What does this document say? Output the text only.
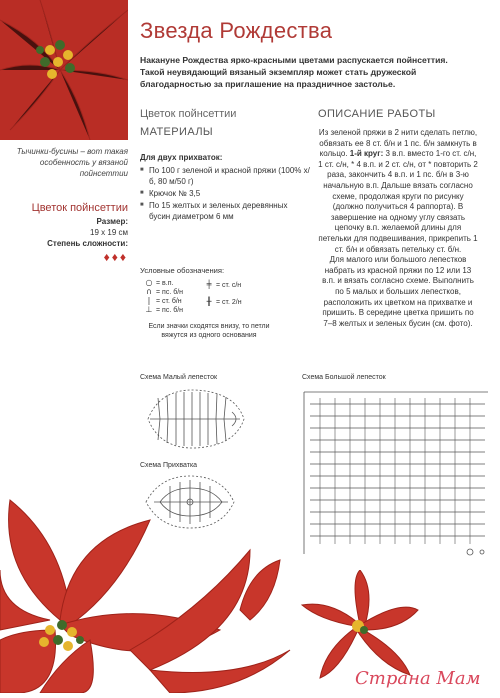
Звезда Рождества
Накануне Рождества ярко-красными цветами распускается пойнсеттия. Такой неувядающий вязаный экземпляр может стать дружеской благодарностью за приглашение на праздничное застолье.
Тычинки-бусины – вот такая особенность у вязаной пойнсеттии
Цветок пойнсеттии
Размер:
19 x 19 см
Степень сложности:
♦♦♦
Цветок пойнсеттии
МАТЕРИАЛЫ
ОПИСАНИЕ РАБОТЫ
Для двух прихваток:
■ По 100 г зеленой и красной пряжи (100% х/б, 80 м/50 г)
■ Крючок № 3,5
■ По 15 желтых и зеленых деревянных бусин диаметром 6 мм
Из зеленой пряжи в 2 нити сделать петлю, обвязать ее 8 ст. б/н и 1 пс. б/н замкнуть в кольцо. 1-й круг: 3 в.п. вместо 1-го ст. с/н, 1 ст. с/н, * 4 в.п. и 2 ст. с/н, от * повторить 2 раза, закончить 4 в.п. и 1 пс. б/н в 3-ю начальную в.п. Дальше вязать согласно схеме, продолжая круги по рисунку (должно получиться 4 раппорта). В завершение на одному углу связать цепочку в.п. желаемой длины для петельки для подвешивания, прикрепить 1 ст. б/н и обвязать петельку ст. б/н.
Для малого или большого лепестков набрать из красной пряжи по 12 или 13 в.п. и вязать согласно схеме. Выполнить по 5 малых и больших лепестков, расположить их цветком на прихватке и пришить. В середине цветка пришить по 7–8 желтых и зеленых бусин (см. фото).
Условные обозначения:
○ = в.п.
∩ = пс. б/н
| = ст. б/н
⊥ = пс. б/н
╪ = ст. с/н
╫ = ст. 2/н
Если значки сходятся внизу, то петли вяжутся из одного основания
Схема Малый лепесток
Схема Прихватка
Схема Большой лепесток
Страна Мам
